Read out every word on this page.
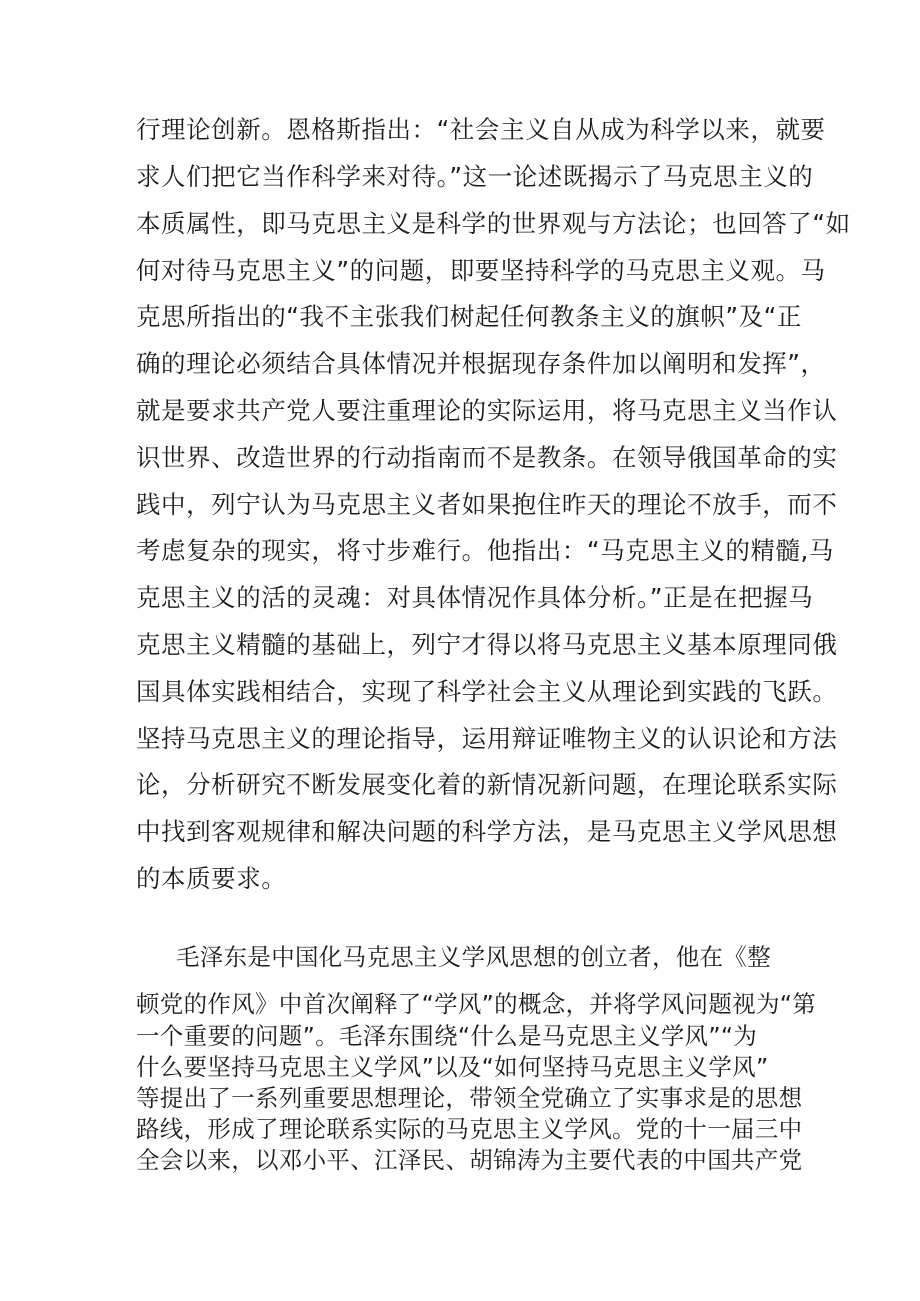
行理论创新。恩格斯指出：“社会主义自从成为科学以来，就要
求人们把它当作科学来对待。”这一论述既揭示了马克思主义的
本质属性，即马克思主义是科学的世界观与方法论；也回答了“如
何对待马克思主义”的问题，即要坚持科学的马克思主义观。马
克思所指出的“我不主张我们树起任何教条主义的旗帜”及“正
确的理论必须结合具体情况并根据现存条件加以阐明和发挥”，
就是要求共产党人要注重理论的实际运用，将马克思主义当作认
识世界、改造世界的行动指南而不是教条。在领导俄国革命的实
践中，列宁认为马克思主义者如果抱住昨天的理论不放手，而不
考虑复杂的现实，将寸步难行。他指出：“马克思主义的精髓,马
克思主义的活的灵魂：对具体情况作具体分析。”正是在把握马
克思主义精髓的基础上，列宁才得以将马克思主义基本原理同俄
国具体实践相结合，实现了科学社会主义从理论到实践的飞跃。
坚持马克思主义的理论指导，运用辩证唯物主义的认识论和方法
论，分析研究不断发展变化着的新情况新问题，在理论联系实际
中找到客观规律和解决问题的科学方法，是马克思主义学风思想
的本质要求。
毛泽东是中国化马克思主义学风思想的创立者，他在《整
顿党的作风》中首次阐释了“学风”的概念，并将学风问题视为“第
一个重要的问题”。毛泽东围绕“什么是马克思主义学风”“为
什么要坚持马克思主义学风”以及“如何坚持马克思主义学风”
等提出了一系列重要思想理论，带领全党确立了实事求是的思想
路线，形成了理论联系实际的马克思主义学风。党的十一届三中
全会以来，以邓小平、江泽民、胡锦涛为主要代表的中国共产党
